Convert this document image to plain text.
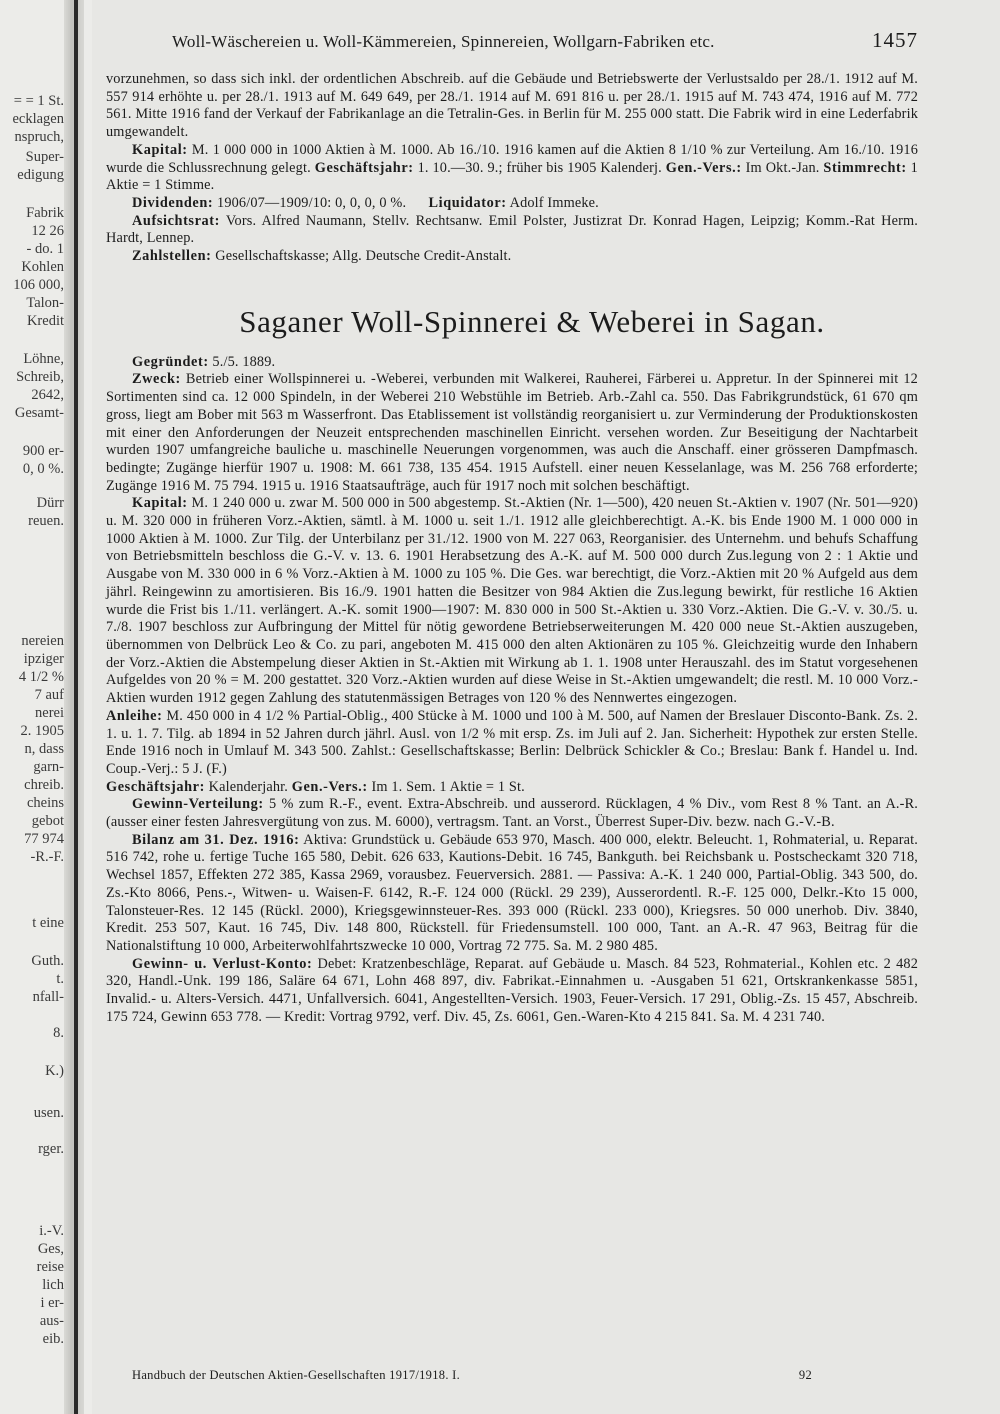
= = 1 St.
ecklagen
nspruch,
Super-
edigung
Fabrik
12 26
- do. 1
Kohlen
106 000,
Talon-
Kredit
Löhne,
Schreib,
2642,
Gesamt-
900 er-
0, 0 %.
Dürr
reuen.
nereien
ipziger
4 1/2 %
7 auf
nerei
2. 1905
n, dass
garn-
chreib.
cheins
gebot
77 974
-R.-F.
t eine
Guth.
t.
nfall-
8.
K.)
usen.
rger.
i.-V.
Ges,
reise
lich
i er-
aus-
eib.
Woll-Wäschereien u. Woll-Kämmereien, Spinnereien, Wollgarn-Fabriken etc.	1457

vorzunehmen, so dass sich inkl. der ordentlichen Abschreib. auf die Gebäude und Betriebswerte der Verlustsaldo per 28./1. 1912 auf M. 557 914 erhöhte u. per 28./1. 1913 auf M. 649 649, per 28./1. 1914 auf M. 691 816 u. per 28./1. 1915 auf M. 743 474, 1916 auf M. 772 561. Mitte 1916 fand der Verkauf der Fabrikanlage an die Tetralin-Ges. in Berlin für M. 255 000 statt. Die Fabrik wird in eine Lederfabrik umgewandelt.

Kapital: M. 1 000 000 in 1000 Aktien à M. 1000. Ab 16./10. 1916 kamen auf die Aktien 8 1/10 % zur Verteilung. Am 16./10. 1916 wurde die Schlussrechnung gelegt. Geschäftsjahr: 1. 10.—30. 9.; früher bis 1905 Kalenderj. Gen.-Vers.: Im Okt.-Jan. Stimmrecht: 1 Aktie = 1 Stimme.

Dividenden: 1906/07—1909/10: 0, 0, 0, 0 %. Liquidator: Adolf Immeke.

Aufsichtsrat: Vors. Alfred Naumann, Stellv. Rechtsanw. Emil Polster, Justizrat Dr. Konrad Hagen, Leipzig; Komm.-Rat Herm. Hardt, Lennep.

Zahlstellen: Gesellschaftskasse; Allg. Deutsche Credit-Anstalt.

Saganer Woll-Spinnerei & Weberei in Sagan.

Gegründet: 5./5. 1889.

Zweck: Betrieb einer Wollspinnerei u. -Weberei, verbunden mit Walkerei, Rauherei, Färberei u. Appretur. In der Spinnerei mit 12 Sortimenten sind ca. 12 000 Spindeln, in der Weberei 210 Webstühle im Betrieb. Arb.-Zahl ca. 550. Das Fabrikgrundstück, 61 670 qm gross, liegt am Bober mit 563 m Wasserfront. Das Etablissement ist vollständig reorganisiert u. zur Verminderung der Produktionskosten mit einer den Anforderungen der Neuzeit entsprechenden maschinellen Einricht. versehen worden. Zur Beseitigung der Nachtarbeit wurden 1907 umfangreiche bauliche u. maschinelle Neuerungen vorgenommen, was auch die Anschaff. einer grösseren Dampfmasch. bedingte; Zugänge hierfür 1907 u. 1908: M. 661 738, 135 454. 1915 Aufstell. einer neuen Kesselanlage, was M. 256 768 erforderte; Zugänge 1916 M. 75 794. 1915 u. 1916 Staatsaufträge, auch für 1917 noch mit solchen beschäftigt.

Kapital: M. 1 240 000 u. zwar M. 500 000 in 500 abgestemp. St.-Aktien (Nr. 1—500), 420 neuen St.-Aktien v. 1907 (Nr. 501—920) u. M. 320 000 in früheren Vorz.-Aktien, sämtl. à M. 1000 u. seit 1./1. 1912 alle gleichberechtigt. A.-K. bis Ende 1900 M. 1 000 000 in 1000 Aktien à M. 1000. Zur Tilg. der Unterbilanz per 31./12. 1900 von M. 227 063, Reorganisier. des Unternehm. und behufs Schaffung von Betriebsmitteln beschloss die G.-V. v. 13. 6. 1901 Herabsetzung des A.-K. auf M. 500 000 durch Zus.legung von 2 : 1 Aktie und Ausgabe von M. 330 000 in 6 % Vorz.-Aktien à M. 1000 zu 105 %. Die Ges. war berechtigt, die Vorz.-Aktien mit 20 % Aufgeld aus dem jährl. Reingewinn zu amortisieren. Bis 16./9. 1901 hatten die Besitzer von 984 Aktien die Zus.legung bewirkt, für restliche 16 Aktien wurde die Frist bis 1./11. verlängert. A.-K. somit 1900—1907: M. 830 000 in 500 St.-Aktien u. 330 Vorz.-Aktien. Die G.-V. v. 30./5. u. 7./8. 1907 beschloss zur Aufbringung der Mittel für nötig gewordene Betriebserweiterungen M. 420 000 neue St.-Aktien auszugeben, übernommen von Delbrück Leo & Co. zu pari, angeboten M. 415 000 den alten Aktionären zu 105 %. Gleichzeitig wurde den Inhabern der Vorz.-Aktien die Abstempelung dieser Aktien in St.-Aktien mit Wirkung ab 1. 1. 1908 unter Herauszahl. des im Statut vorgesehenen Aufgeldes von 20 % = M. 200 gestattet. 320 Vorz.-Aktien wurden auf diese Weise in St.-Aktien umgewandelt; die restl. M. 10 000 Vorz.-Aktien wurden 1912 gegen Zahlung des statutenmässigen Betrages von 120 % des Nennwertes eingezogen.

Anleihe: M. 450 000 in 4 1/2 % Partial-Oblig., 400 Stücke à M. 1000 und 100 à M. 500, auf Namen der Breslauer Disconto-Bank. Zs. 2. 1. u. 1. 7. Tilg. ab 1894 in 52 Jahren durch jährl. Ausl. von 1/2 % mit ersp. Zs. im Juli auf 2. Jan. Sicherheit: Hypothek zur ersten Stelle. Ende 1916 noch in Umlauf M. 343 500. Zahlst.: Gesellschaftskasse; Berlin: Delbrück Schickler & Co.; Breslau: Bank f. Handel u. Ind. Coup.-Verj.: 5 J. (F.)

Geschäftsjahr: Kalenderjahr. Gen.-Vers.: Im 1. Sem. 1 Aktie = 1 St.

Gewinn-Verteilung: 5 % zum R.-F., event. Extra-Abschreib. und ausserord. Rücklagen, 4 % Div., vom Rest 8 % Tant. an A.-R. (ausser einer festen Jahresvergütung von zus. M. 6000), vertragsm. Tant. an Vorst., Überrest Super-Div. bezw. nach G.-V.-B.

Bilanz am 31. Dez. 1916: Aktiva: Grundstück u. Gebäude 653 970, Masch. 400 000, elektr. Beleucht. 1, Rohmaterial, u. Reparat. 516 742, rohe u. fertige Tuche 165 580, Debit. 626 633, Kautions-Debit. 16 745, Bankguth. bei Reichsbank u. Postscheckamt 320 718, Wechsel 1857, Effekten 272 385, Kassa 2969, vorausbez. Feuerversich. 2881. — Passiva: A.-K. 1 240 000, Partial-Oblig. 343 500, do. Zs.-Kto 8066, Pens.-, Witwen- u. Waisen-F. 6142, R.-F. 124 000 (Rückl. 29 239), Ausserordentl. R.-F. 125 000, Delkr.-Kto 15 000, Talonsteuer-Res. 12 145 (Rückl. 2000), Kriegsgewinnsteuer-Res. 393 000 (Rückl. 233 000), Kriegsres. 50 000 unerhob. Div. 3840, Kredit. 253 507, Kaut. 16 745, Div. 148 800, Rückstell. für Friedensumstell. 100 000, Tant. an A.-R. 47 963, Beitrag für die Nationalstiftung 10 000, Arbeiterwohlfahrtszwecke 10 000, Vortrag 72 775. Sa. M. 2 980 485.

Gewinn- u. Verlust-Konto: Debet: Kratzenbeschläge, Reparat. auf Gebäude u. Masch. 84 523, Rohmaterial., Kohlen etc. 2 482 320, Handl.-Unk. 199 186, Saläre 64 671, Lohn 468 897, div. Fabrikat.-Einnahmen u. -Ausgaben 51 621, Ortskrankenkasse 5851, Invalid.- u. Alters-Versich. 4471, Unfallversich. 6041, Angestellten-Versich. 1903, Feuer-Versich. 17 291, Oblig.-Zs. 15 457, Abschreib. 175 724, Gewinn 653 778. — Kredit: Vortrag 9792, verf. Div. 45, Zs. 6061, Gen.-Waren-Kto 4 215 841. Sa. M. 4 231 740.

Handbuch der Deutschen Aktien-Gesellschaften 1917/1918. I.	92
